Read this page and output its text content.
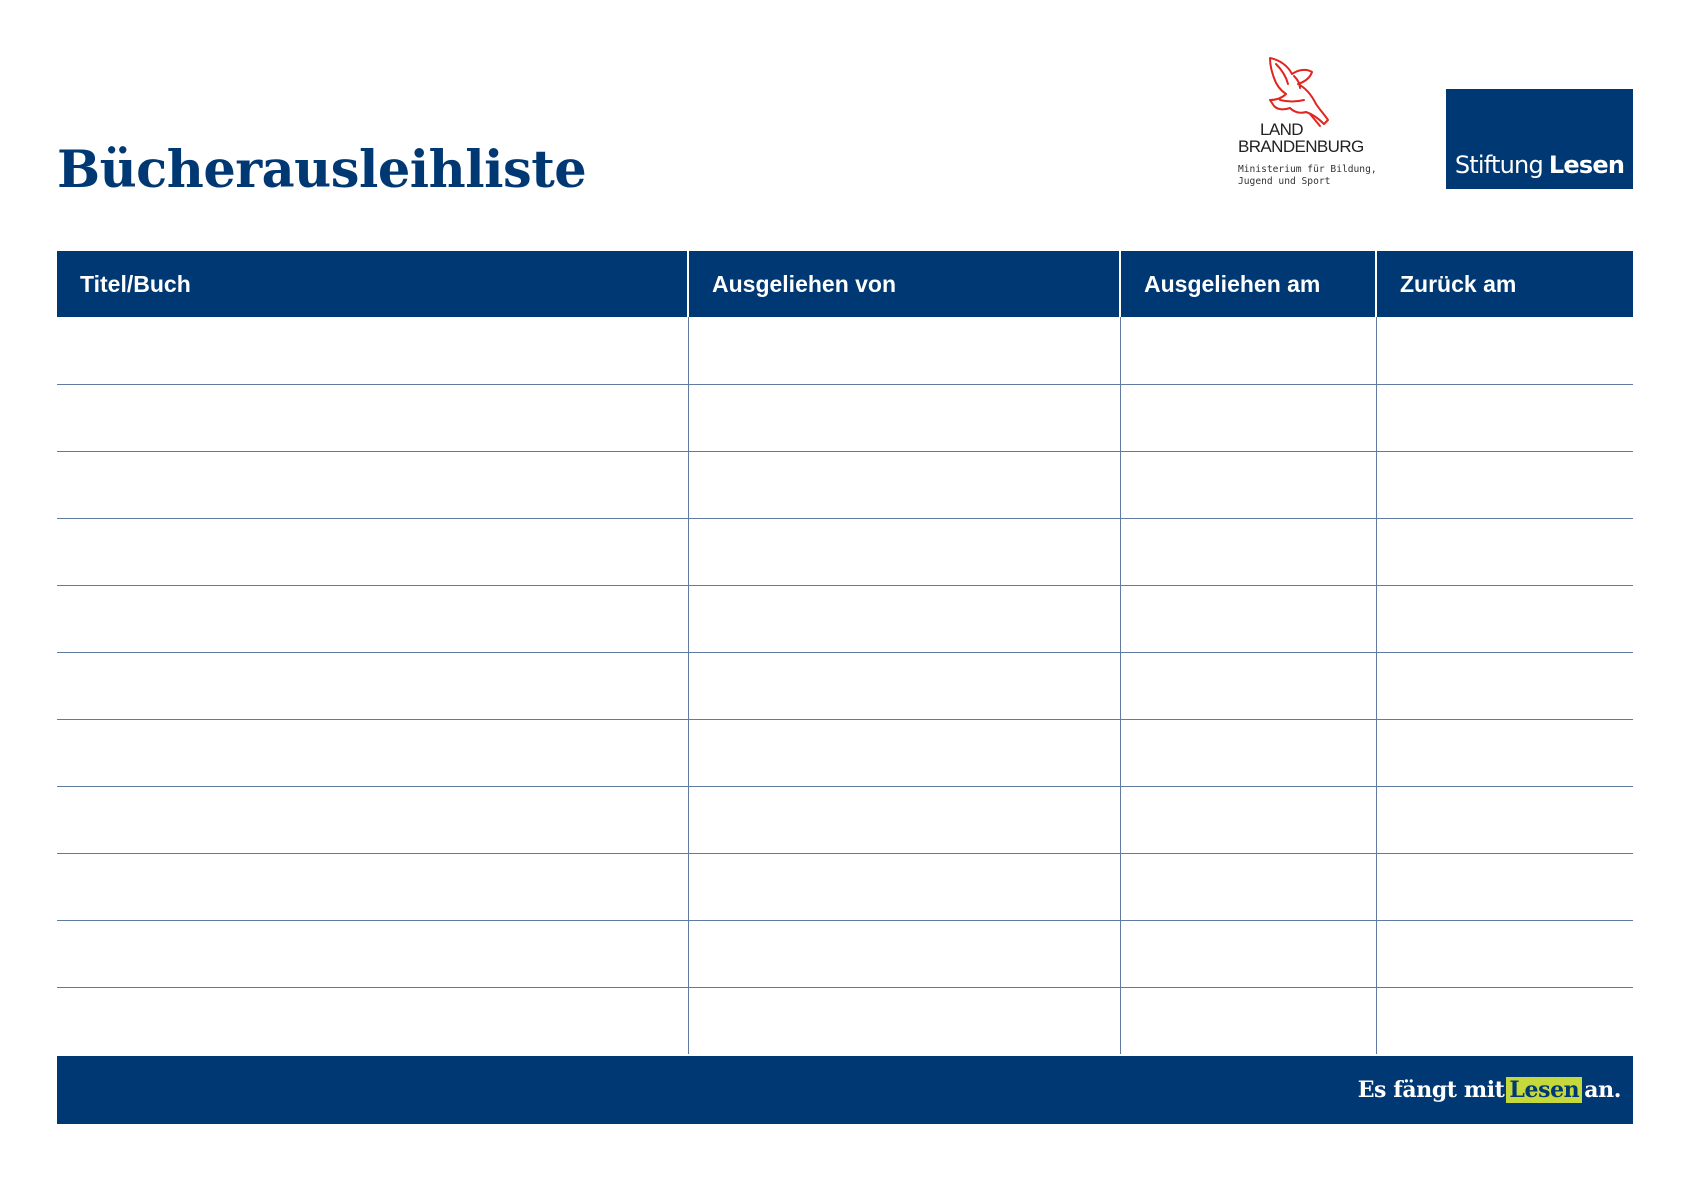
Bücherausleihliste
LAND
BRANDENBURG
Ministerium für Bildung,
Jugend und Sport
Stiftung Lesen
Titel/Buch	Ausgeliehen von	Ausgeliehen am	Zurück am

Es fängt mit Lesen an.
